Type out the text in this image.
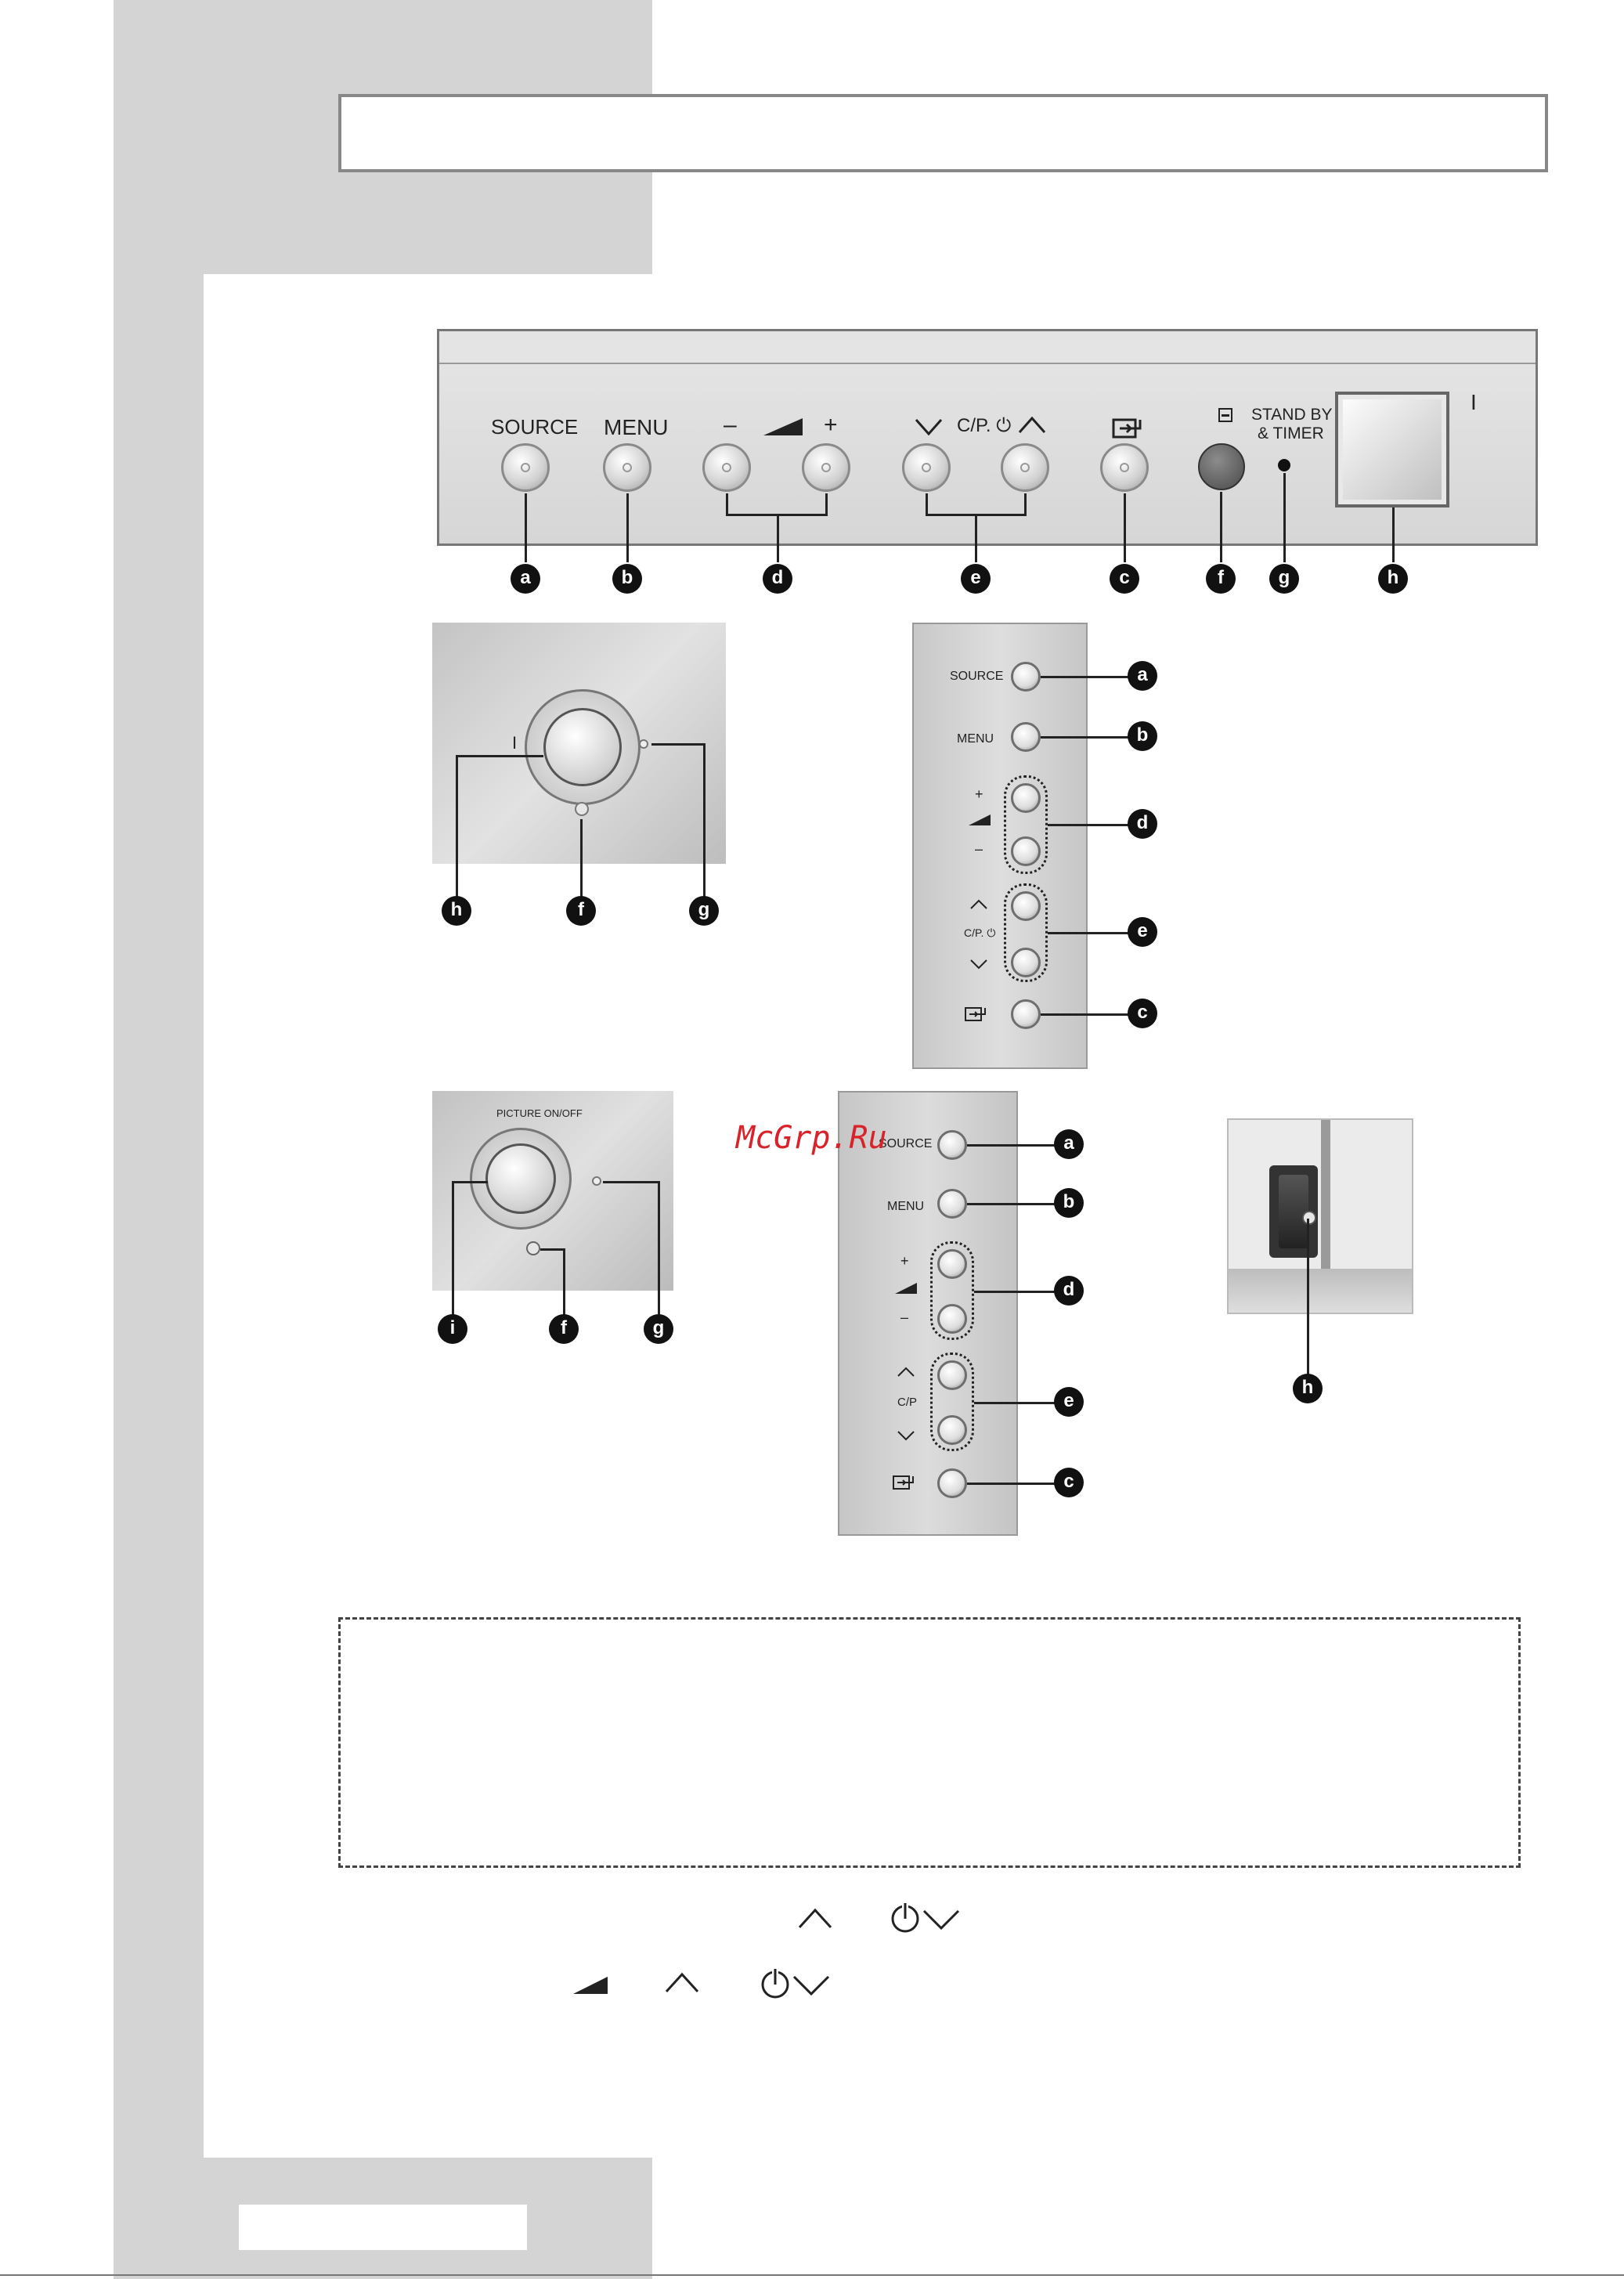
SOURCE MENU –	+	C/P. ⏻
STAND BY
& TIMER
I
a	b	d	e	c	f	g	h
I
h	f	g
SOURCE
MENU
+
–
C/P. ⏻
a
b
d
e
c
PICTURE ON/OFF
i	f	g
SOURCE
MENU
+
–
C/P
a
b
d
e
c
McGrp.Ru
h
